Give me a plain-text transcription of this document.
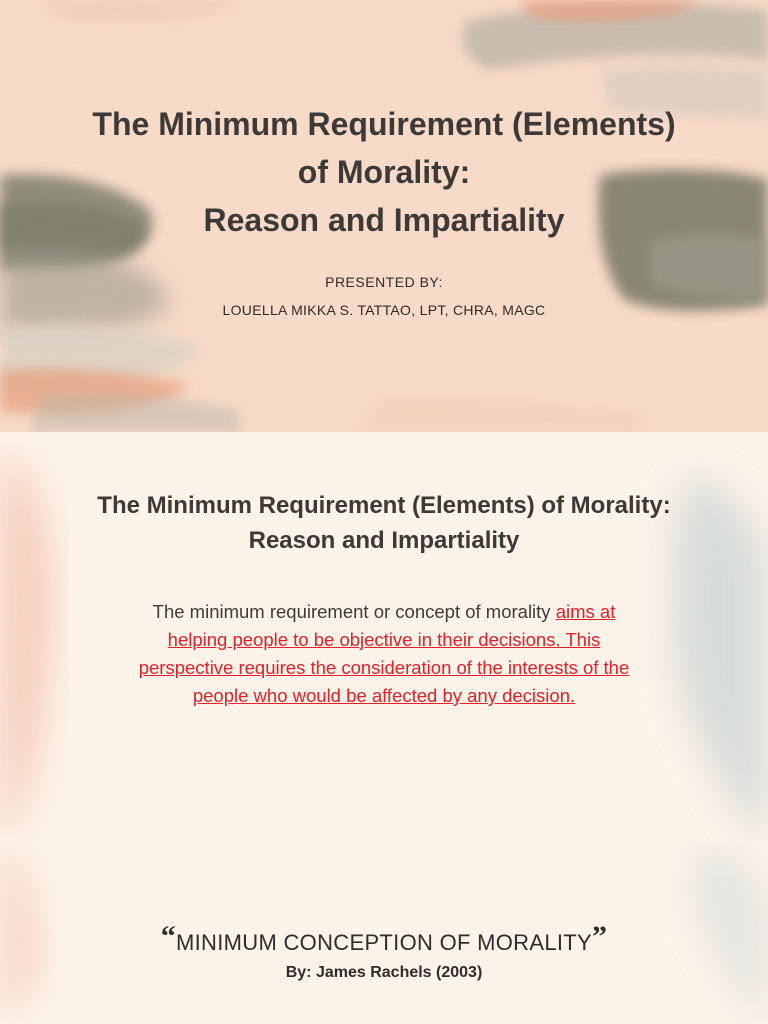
The Minimum Requirement (Elements)
of Morality:
Reason and Impartiality
PRESENTED BY:
LOUELLA MIKKA S. TATTAO, LPT, CHRA, MAGC
The Minimum Requirement (Elements) of Morality:
Reason and Impartiality

The minimum requirement or concept of morality aims at helping people to be objective in their decisions. This perspective requires the consideration of the interests of the people who would be affected by any decision.

“MINIMUM CONCEPTION OF MORALITY”
By: James Rachels (2003)
